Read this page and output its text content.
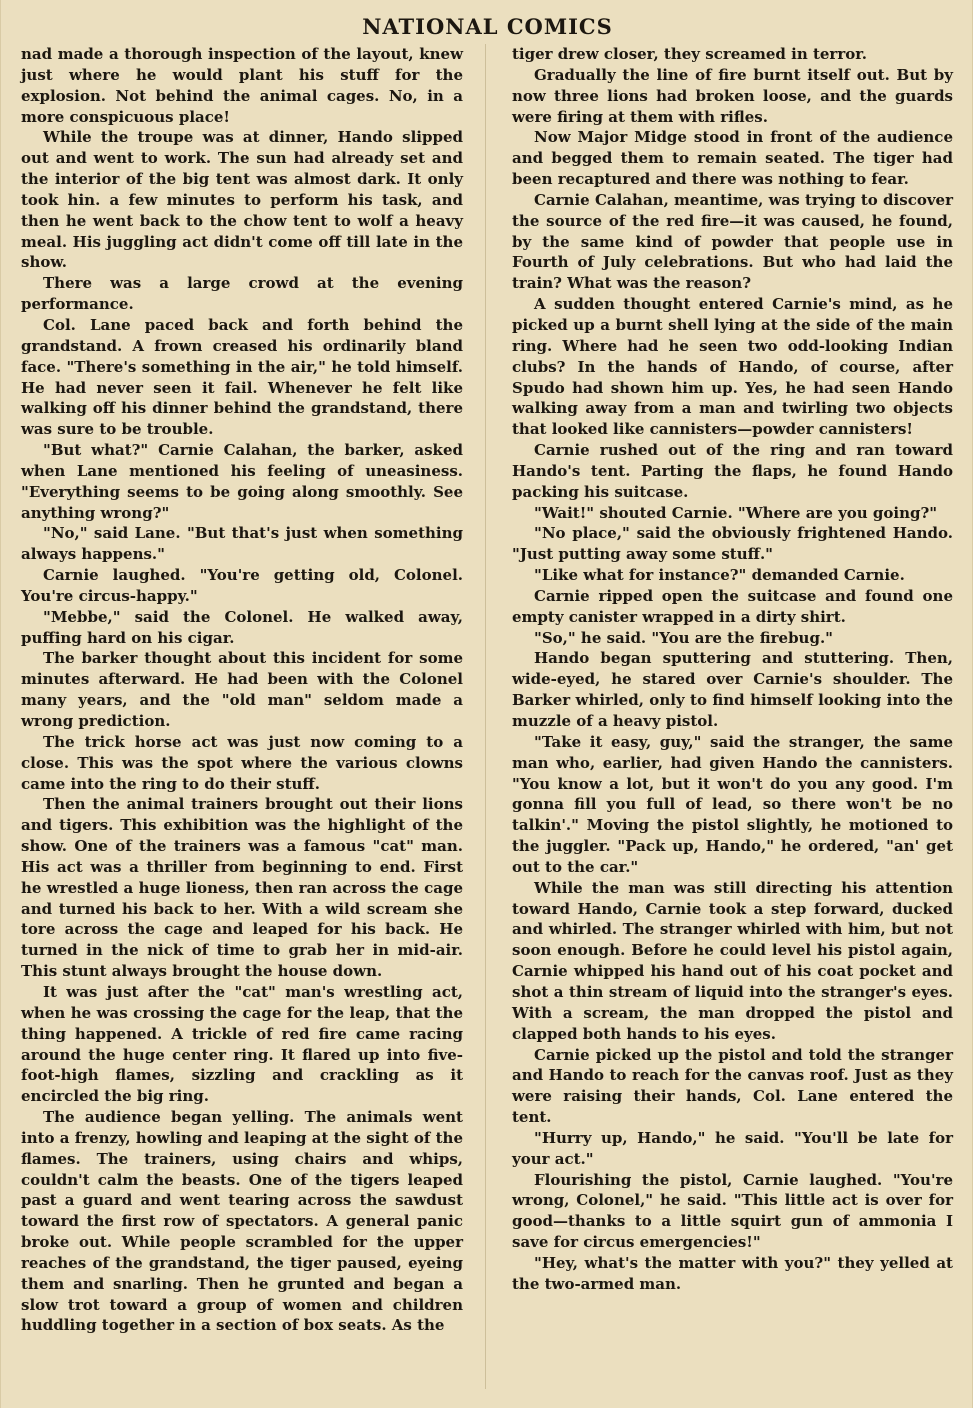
NATIONAL COMICS

nad made a thorough inspection of the layout, knew just where he would plant his stuff for the explosion. Not behind the animal cages. No, in a more conspicuous place!

While the troupe was at dinner, Hando slipped out and went to work. The sun had already set and the interior of the big tent was almost dark. It only took hin. a few minutes to perform his task, and then he went back to the chow tent to wolf a heavy meal. His juggling act didn't come off till late in the show.

There was a large crowd at the evening performance.

Col. Lane paced back and forth behind the grandstand. A frown creased his ordinarily bland face. "There's something in the air," he told himself. He had never seen it fail. Whenever he felt like walking off his dinner behind the grandstand, there was sure to be trouble.

"But what?" Carnie Calahan, the barker, asked when Lane mentioned his feeling of uneasiness. "Everything seems to be going along smoothly. See anything wrong?"

"No," said Lane. "But that's just when something always happens."

Carnie laughed. "You're getting old, Colonel. You're circus-happy."

"Mebbe," said the Colonel. He walked away, puffing hard on his cigar.

The barker thought about this incident for some minutes afterward. He had been with the Colonel many years, and the "old man" seldom made a wrong prediction.

The trick horse act was just now coming to a close. This was the spot where the various clowns came into the ring to do their stuff.

Then the animal trainers brought out their lions and tigers. This exhibition was the highlight of the show. One of the trainers was a famous "cat" man. His act was a thriller from beginning to end. First he wrestled a huge lioness, then ran across the cage and turned his back to her. With a wild scream she tore across the cage and leaped for his back. He turned in the nick of time to grab her in mid-air. This stunt always brought the house down.

It was just after the "cat" man's wrestling act, when he was crossing the cage for the leap, that the thing happened. A trickle of red fire came racing around the huge center ring. It flared up into five-foot-high flames, sizzling and crackling as it encircled the big ring.

The audience began yelling. The animals went into a frenzy, howling and leaping at the sight of the flames. The trainers, using chairs and whips, couldn't calm the beasts. One of the tigers leaped past a guard and went tearing across the sawdust toward the first row of spectators. A general panic broke out. While people scrambled for the upper reaches of the grandstand, the tiger paused, eyeing them and snarling. Then he grunted and began a slow trot toward a group of women and children huddling together in a section of box seats. As the

tiger drew closer, they screamed in terror.

Gradually the line of fire burnt itself out. But by now three lions had broken loose, and the guards were firing at them with rifles.

Now Major Midge stood in front of the audience and begged them to remain seated. The tiger had been recaptured and there was nothing to fear.

Carnie Calahan, meantime, was trying to discover the source of the red fire—it was caused, he found, by the same kind of powder that people use in Fourth of July celebrations. But who had laid the train? What was the reason?

A sudden thought entered Carnie's mind, as he picked up a burnt shell lying at the side of the main ring. Where had he seen two odd-looking Indian clubs? In the hands of Hando, of course, after Spudo had shown him up. Yes, he had seen Hando walking away from a man and twirling two objects that looked like cannisters—powder cannisters!

Carnie rushed out of the ring and ran toward Hando's tent. Parting the flaps, he found Hando packing his suitcase.

"Wait!" shouted Carnie. "Where are you going?"

"No place," said the obviously frightened Hando. "Just putting away some stuff."

"Like what for instance?" demanded Carnie.

Carnie ripped open the suitcase and found one empty canister wrapped in a dirty shirt.

"So," he said. "You are the firebug."

Hando began sputtering and stuttering. Then, wide-eyed, he stared over Carnie's shoulder. The Barker whirled, only to find himself looking into the muzzle of a heavy pistol.

"Take it easy, guy," said the stranger, the same man who, earlier, had given Hando the cannisters. "You know a lot, but it won't do you any good. I'm gonna fill you full of lead, so there won't be no talkin'." Moving the pistol slightly, he motioned to the juggler. "Pack up, Hando," he ordered, "an' get out to the car."

While the man was still directing his attention toward Hando, Carnie took a step forward, ducked and whirled. The stranger whirled with him, but not soon enough. Before he could level his pistol again, Carnie whipped his hand out of his coat pocket and shot a thin stream of liquid into the stranger's eyes. With a scream, the man dropped the pistol and clapped both hands to his eyes.

Carnie picked up the pistol and told the stranger and Hando to reach for the canvas roof. Just as they were raising their hands, Col. Lane entered the tent.

"Hurry up, Hando," he said. "You'll be late for your act."

Flourishing the pistol, Carnie laughed. "You're wrong, Colonel," he said. "This little act is over for good—thanks to a little squirt gun of ammonia I save for circus emergencies!"

"Hey, what's the matter with you?" they yelled at the two-armed man.
